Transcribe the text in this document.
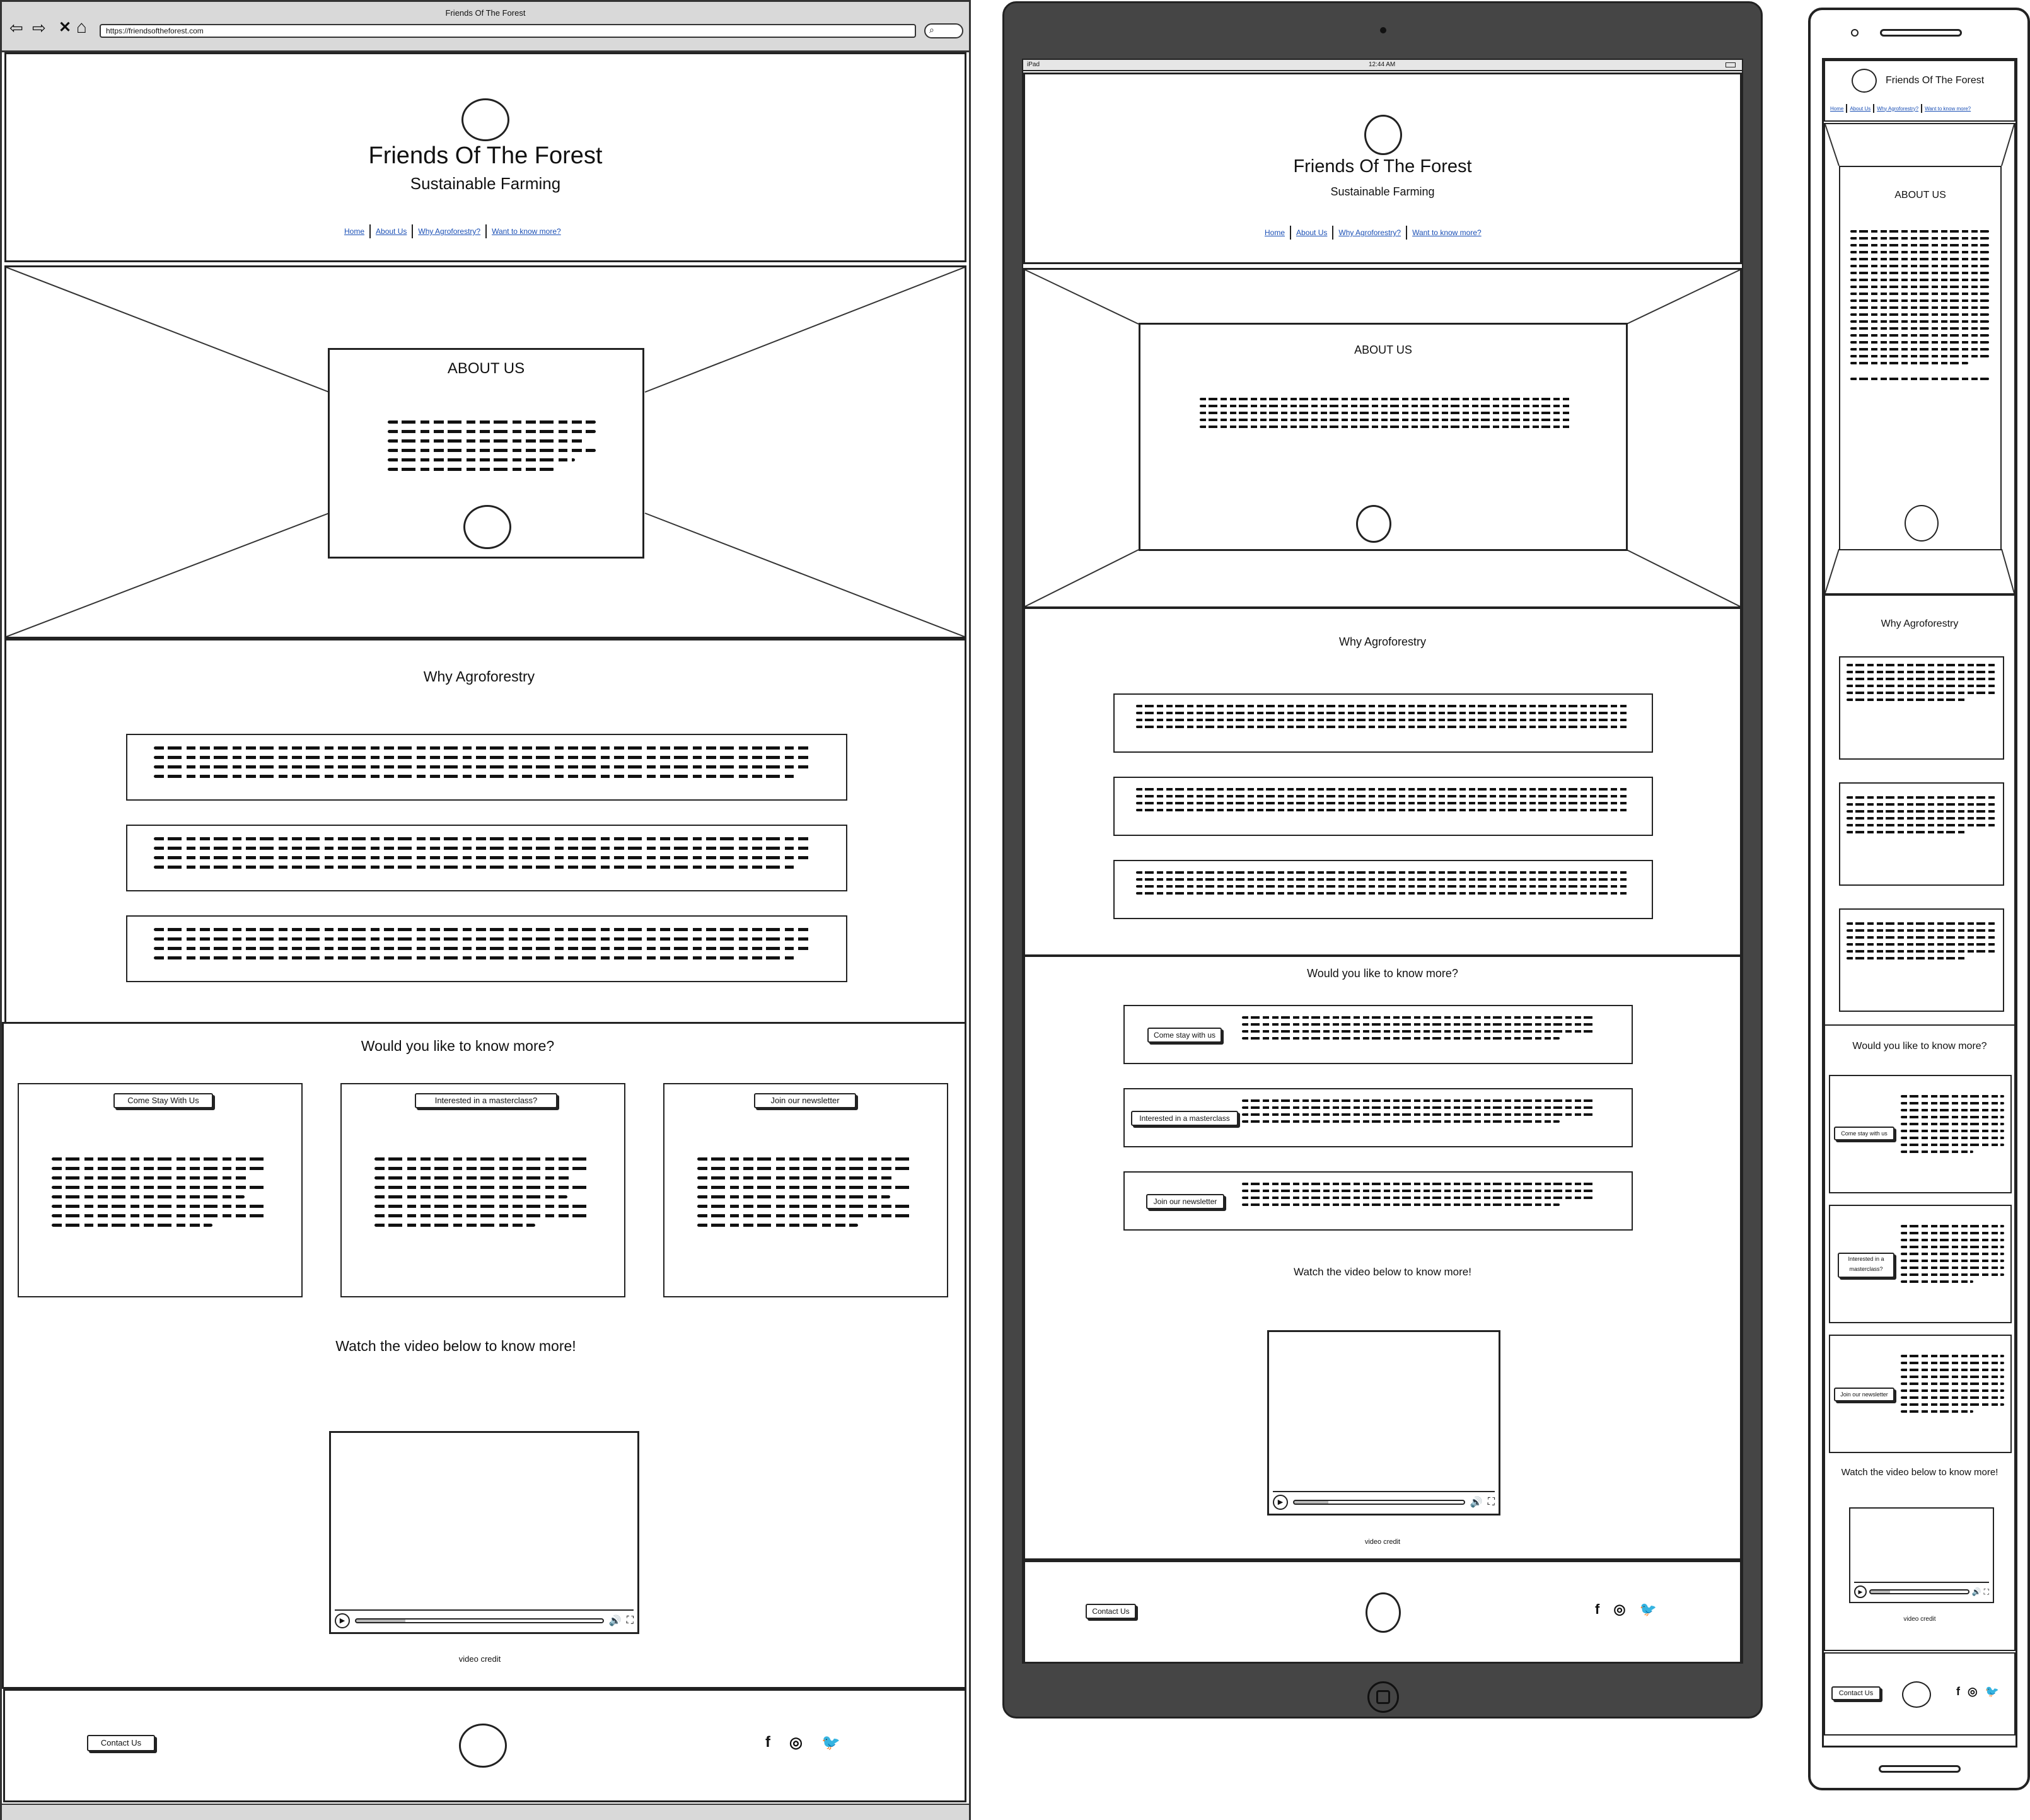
Friends Of The Forest
⇦ ⇨ ✕ ⌂	https://friendsoftheforest.com	⌕
Friends Of The Forest
Sustainable Farming
Home About Us Why Agroforestry? Want to know more?
ABOUT US
Why Agroforestry
Would you like to know more?
Come Stay With Us	Interested in a masterclass?	Join our newsletter
Watch the video below to know more!
▶	🔊 ⛶
video credit
Contact Us	f ◎ 🐦
iPad	12:44 AM
Friends Of The Forest
Sustainable Farming
Home About Us Why Agroforestry? Want to know more?
ABOUT US
Why Agroforestry
Would you like to know more?
Come stay with us
Interested in a masterclass
Join our newsletter
Watch the video below to know more!
▶	🔊 ⛶
video credit
Contact Us	f ◎ 🐦
Friends Of The Forest
Home About Us Why Agroforestry? Want to know more?
ABOUT US
Why Agroforestry
Would you like to know more?
Come stay with us
Interested in a masterclass?
Join our newsletter
Watch the video below to know more!
▶	🔊 ⛶
video credit
Contact Us	f ◎ 🐦
